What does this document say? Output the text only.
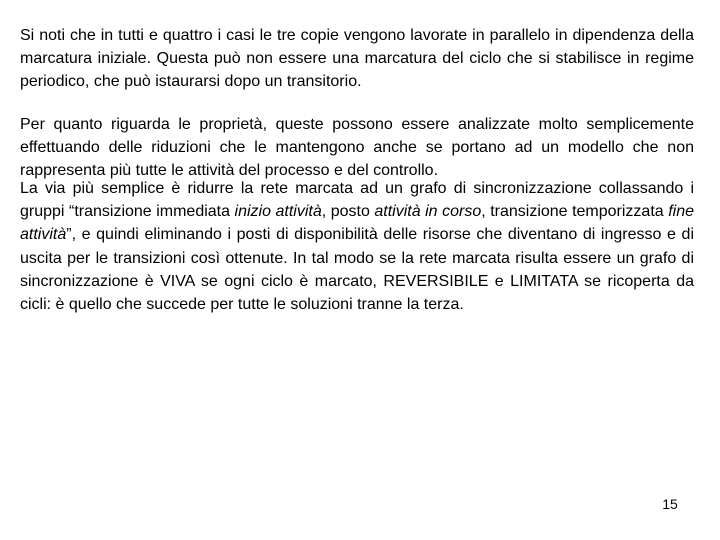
Si noti che in tutti e quattro i casi le tre copie vengono lavorate in parallelo in dipendenza della marcatura iniziale. Questa può non essere una marcatura del ciclo che si stabilisce in regime periodico, che può istaurarsi dopo un transitorio.

Per quanto riguarda le proprietà, queste possono essere analizzate molto semplicemente effettuando delle riduzioni che le mantengono anche se portano ad un modello che non rappresenta più tutte le attività del processo e del controllo.

La via più semplice è ridurre la rete marcata ad un grafo di sincronizzazione collassando i gruppi “transizione immediata inizio attività, posto attività in corso, transizione temporizzata fine attività”, e quindi eliminando i posti di disponibilità delle risorse che diventano di ingresso e di uscita per le transizioni così ottenute. In tal modo se la rete marcata risulta essere un grafo di sincronizzazione è VIVA se ogni ciclo è marcato, REVERSIBILE e LIMITATA se ricoperta da cicli: è quello che succede per tutte le soluzioni tranne la terza.

15
